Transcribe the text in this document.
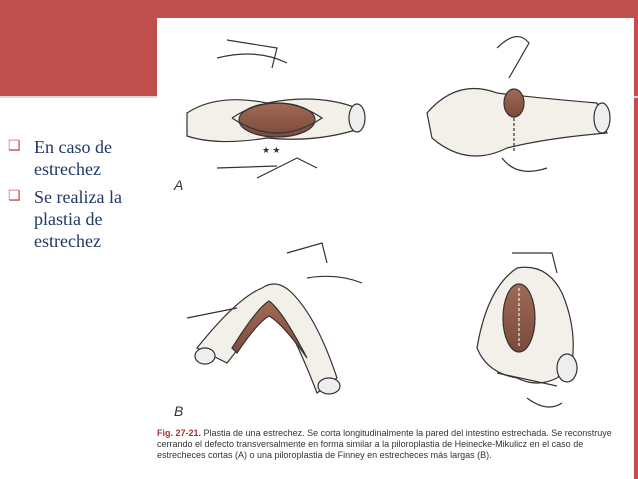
❑ En caso de estrechez
❑ Se realiza la plastia de estrechez
★ ★
A
B
Fig. 27-21. Plastia de una estrechez. Se corta longitudinalmente la pared del intestino estrechada. Se reconstruye cerrando el defecto transversalmente en forma similar a la piloroplastia de Heinecke-Mikulicz en el caso de estrecheces cortas (A) o una piloroplastia de Finney en estrecheces más largas (B).
